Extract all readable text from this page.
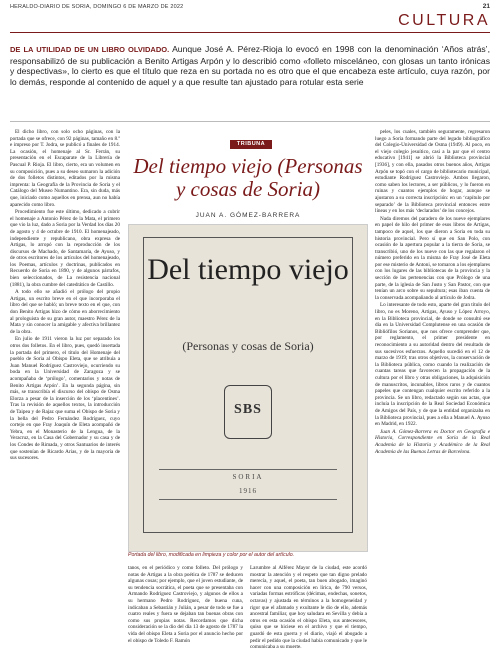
HERALDO-DIARIO DE SORIA, DOMINGO 6 DE MARZO DE 2022	21
CULTURA
DE LA UTILIDAD DE UN LIBRO OLVIDADO. Aunque José A. Pérez-Rioja lo evocó en 1998 con la denominación ‘Años atrás’, responsabilizó de su publicación a Benito Artigas Arpón y lo describió como «folleto misceláneo, con glosas un tanto irónicas y despectivas», lo cierto es que el título que reza en su portada no es otro que el que encabeza este artículo, cuya razón, por lo demás, responde al contenido de aquel y a que resulte tan ajustado para rotular esta serie

El dicho libro, con solo ocho páginas, con la portada que se ofrece, con 92 páginas, tamaño en 8.º e impreso por T. Jodra, se publicó a finales de 1914. La ocasión, el homenaje al Sr. Ferrán, su presentación en el Escaparate de la Librería de Pascual P. Rioja. El libro, cierto, era un volumen en su composición, pues a su deseo sumaron la adición de dos folletos distintos, editados por la misma imprenta: la Geografía de la Provincia de Soria y el Catálogo del Museo Numantino. Era, sin duda, más que, iniciado como aquellos en prensa, aun no había aparecido como libro.

Procedimiento fue este último, dedicado a cubrir el homenaje a Antonio Pérez de la Mata, el primero que vio la luz, dado a Soria por la Verdad los días 20 de agosto y 4 de octubre de 1910. El homenajeado, independiente y republicano, obra expresa de Artigas, lo arropó con la reproducción de los discursos de Machado, de Santamaría, de Ayuso, y de otros escritores de los artículos del homenajeado, los Poemas, artículos y doctrinas, publicados en Recuerdo de Soria en 1890, y de algunos párrafos, bien seleccionados, de La resistencia nacional (1881), la obra cumbre del catedrático de Castillo.

A todo ello se añadió el prólogo del propio Artigas, un escrito breve en el que incorporaba el libro del que se habló; un breve texto en el que, con don Benito Artigas hizo de cómo en aborrecimiento al prologuista de su gran autor, maestro Pérez de la Mata y sin conocer la amigable y afectiva brillantez de la obra.

En julio de 1911 vieron la luz por separado los otros dos folletos. En el libro, pues, quedó insertada la portada del primero, el título del Homenaje del pueblo de Soria al Obispo Eleta, que se atribuía a Juan Manuel Rodríguez Castroviejo, ocurriendo su boda en la Universidad de Zaragoza y se acompañaba de ‘prólogo’, comentarios y notas de Benito Artigas Arpón’. En la segunda página, sin más, se transcribía el discurso del obispo de Osma Elorza a pesar de la inserción de los ‘placentínes’. Tras la revisión de aquellos textos, la introducción de Taipea y de Rajaz que suma el Obispo de Soria y la bella del Pedro Fernández Rodríguez, cuyo cortejo en que Fray Joaquín de Eleta acompañó de Yebra, en el Monasterio de la Lengua, de la Veracruz, en la Casa del Gobernador y su casa y de los Condes de Rimada, y otros Santuarios de interés que sostenían de Ricardo Arias, y de la mayoría de sus sucesores.

TRIBUNA
Del tiempo viejo (Personas y cosas de Soria)
JUAN A. GÓMEZ-BARRERA
Del tiempo viejo
(Personas y cosas de Soria)
SBS
SORIA
1916
Portada del libro, modificada en limpieza y color por el autor del artículo.
tanos, en el periódico y como folleto. Del prólogo y notas de Artigas a la obra poética de 1787 se deducen algunas cosas; por ejemplo, que el joven estudiante, de su tendencia socrática, el poeta que se presentaba con Armando Rodríguez Castroviejo, y algunos de ellos a su hermano Pedro Rodríguez, de buena cuna, indicaban a Sebastián y Julián, a pesar de todo se fue a cuatro reales y fuera se dejaban tan buenas obras con como sus propias notas. Recordamos que dicha consideración se la dio del día 13 de agosto de 1787 la vida del obispo Eleta a Soria por el anuncio hecho por el obispo de Toledo F. Ramón
Larumbre al Alférez Mayor de la ciudad, este acordó mostrar la atención y el respeto que tan digno prelado merecía, y aquel, el poeta, tan buen abogado, imaginó hacer con una composición en lírica, de 790 versos, variadas formas estróficas (décimas, endechas, sonetos, octavas) y ajustada en términos a la homogeneidad y rigor que el afamado y exultante le dio de ello, además ancestral familiar, que hoy saludara en Sevilla y debía a otros en esta ocasión el obispo Eleta, sus antecesores, quiso que se hiciese en el archivo y que el tiempo, guardó de esta guerra y el diario, viajó el abogado a pedir el pedido que la ciudad había comunicado y que le comunicaba a su muerte.

peles, los cuales, también seguramente, regresaron luego a Soria formando parte del legado bibliográfico del Colegio-Universidad de Osma (1949). Al poco, en el viejo colegio jesuítico, casi a la par que el centro educativo [1941] se abrió la Biblioteca provincial [1936], y con ella, pasados otros buenos años, Artigas Arpón se topó con el cargo de bibliotecario municipal, estudiante Rodríguez Castroviejo. Ambos llegaron, como saben los lectores, a ser públicos, y lo fueron en ruinas y cuantos ejemplos de hogar, aunque se ajustaron a su correcta inscripción: en un ‘capítulo por separado’ de la Biblioteca provincial entonces entre líneas y en los más ‘declarados’ de los concejos.

Nada diremos del paradero de los nueve ejemplares en papel de hilo del primer de esos libros de Artigas, tampoco de aquel, los que dieron a Soria en toda su historia provincial. Pero sí que en San Polo, con ocasión de la apertura popular a la tierra de Soria, se transcribió, uno de los nueve con las que regalaron el número preferido en la misma de Fray José de Eleta por ese misterio de Antoni, se tomaron a los ejemplares con los lugares de las bibliotecas de la provincia y la sección de las pertenencias con que Prólogo de una parte, de la iglesia de San Justo y San Pastor, con que tenían un arco sobre su sepultura; esas iban cuenta de la conservada acompañando al artículo de Jodra.

Lo interesante de todo esto, aparte del gran título del libro, no es Moreno, Artigas, Ayuso y López Arroyo, en la Biblioteca provincial, de donde se consultó ese día en la Universidad Complutense en una ocasión de Bibliófilos Sorianos, que nos ofrece comprender que, por reglamento, el primer presidente en reconocimiento a su autoridad dentro del resultado de sus sucesivos esfuerzos. Aquello sucedió en el 12 de marzo de 1919; tras otros objetivos, la conservación de la Biblioteca pública, como cuando la realización de cuantas tareas que favorecen la propagación de la cultura por el libro y otras obligaciones, la adquisición de manuscritos, incunables, libros raros y de cuantos papeles que contengan cualquier escrito referido a la provincia. Se un libro, redactado según sus actas, que incluía la inscripción de la Real Sociedad Económica de Amigos del País, y de que la entidad organizaba en la Biblioteca provincial, pues a ella a Manuel A. Ayuso en Madrid, en 1922.

Juan A. Gómez-Barrera es Doctor en Geografía e Historia, Correspondiente en Soria de la Real Academia de la Historia y Académico de la Real Academia de las Buenas Letras de Barcelona.
